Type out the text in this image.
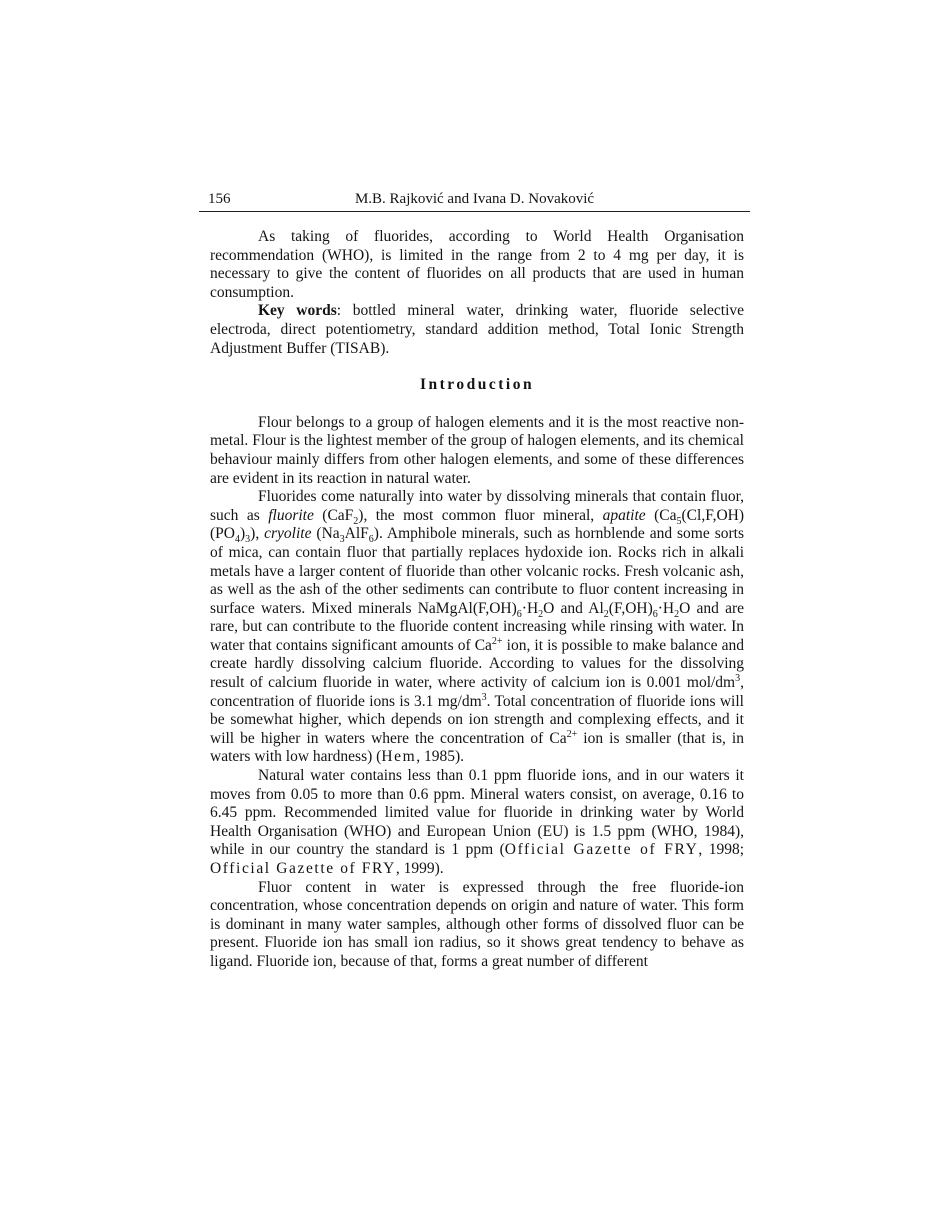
156	M.B. Rajković and Ivana D. Novaković

As taking of fluorides, according to World Health Organisation recommendation (WHO), is limited in the range from 2 to 4 mg per day, it is necessary to give the content of fluorides on all products that are used in human consumption.

Key words: bottled mineral water, drinking water, fluoride selective electroda, direct potentiometry, standard addition method, Total Ionic Strength Adjustment Buffer (TISAB).

Introduction

Flour belongs to a group of halogen elements and it is the most reactive non-metal. Flour is the lightest member of the group of halogen elements, and its chemical behaviour mainly differs from other halogen elements, and some of these differences are evident in its reaction in natural water.

Fluorides come naturally into water by dissolving minerals that contain fluor, such as fluorite (CaF$_2$), the most common fluor mineral, apatite $(Ca_5(Cl,F,OH)(PO_4)_3)$, cryolite $(Na_3AlF_6)$. Amphibole minerals, such as hornblende and some sorts of mica, can contain fluor that partially replaces hydoxide ion. Rocks rich in alkali metals have a larger content of fluoride than other volcanic rocks. Fresh volcanic ash, as well as the ash of the other sediments can contribute to fluor content increasing in surface waters. Mixed minerals $NaMgAl(F,OH)_6\cdot H_2O$ and $Al_2(F,OH)_6\cdot H_2O$ and are rare, but can contribute to the fluoride content increasing while rinsing with water. In water that contains significant amounts of $Ca^{2+}$ ion, it is possible to make balance and create hardly dissolving calcium fluoride. According to values for the dissolving result of calcium fluoride in water, where activity of calcium ion is 0.001 mol/$dm^3$, concentration of fluoride ions is 3.1 $mg/dm^3$. Total concentration of fluoride ions will be somewhat higher, which depends on ion strength and complexing effects, and it will be higher in waters where the concentration of $Ca^{2+}$ ion is smaller (that is, in waters with low hardness) (Hem, 1985).

Natural water contains less than 0.1 ppm fluoride ions, and in our waters it moves from 0.05 to more than 0.6 ppm. Mineral waters consist, on average, 0.16 to 6.45 ppm. Recommended limited value for fluoride in drinking water by World Health Organisation (WHO) and European Union (EU) is 1.5 ppm (WHO, 1984), while in our country the standard is 1 ppm (Official Gazette of FRY, 1998; Official Gazette of FRY, 1999).

Fluor content in water is expressed through the free fluoride-ion concentration, whose concentration depends on origin and nature of water. This form is dominant in many water samples, although other forms of dissolved fluor can be present. Fluoride ion has small ion radius, so it shows great tendency to behave as ligand. Fluoride ion, because of that, forms a great number of different
